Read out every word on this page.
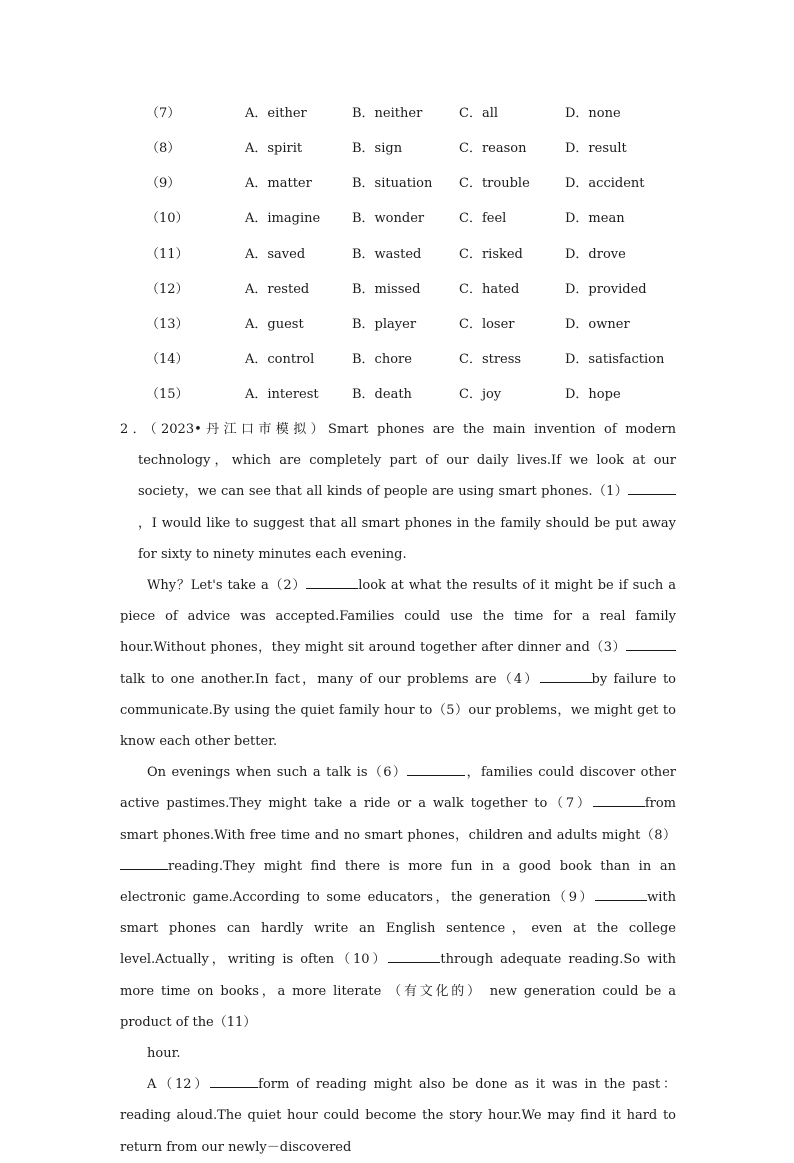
（7）	A．either	B．neither	C．all	D．none
（8）	A．spirit	B．sign	C．reason	D．result
（9）	A．matter	B．situation C．trouble	D．accident
（10）	A．imagine B．wonder	C．feel	D．mean
（11）	A．saved	B．wasted	C．risked	D．drove
（12）	A．rested	B．missed	C．hated	D．provided
（13）	A．guest	B．player	C．loser	D．owner
（14）	A．control	B．chore	C．stress	D．satisfaction
（15）	A．interest	B．death	C．joy	D．hope

2．（2023•丹江口市模拟）Smart phones are the main invention of modern technology，which are completely part of our daily lives.If we look at our society，we can see that all kinds of people are using smart phones.（1），I would like to suggest that all smart phones in the family should be put away for sixty to ninety minutes each evening.

Why？Let's take a（2）	look at what the results of it might be if such a piece of advice was accepted.Families could use the time for a real family hour.Without phones，they might sit around together after dinner and（3）talk to one another.In fact，many of our problems are（4）	by failure to communicate.By using the quiet family hour to（5）our problems，we might get to know each other better.

On evenings when such a talk is（6）	，families could discover other active pastimes.They might take a ride or a walk together to（7）	from smart phones.With free time and no smart phones，children and adults might（8）reading.They might find there is more fun in a good book than in an electronic game.According to some educators，the generation（9）	with smart phones can hardly write an English sentence，even at the college level.Actually，writing is often（10）	through adequate reading.So with more time on books，a more literate （有文化的） new generation could be a product of the（11）
hour.

A（12）	form of reading might also be done as it was in the past：reading aloud.The quiet hour could become the story hour.We may find it hard to return from our newly－discovered
